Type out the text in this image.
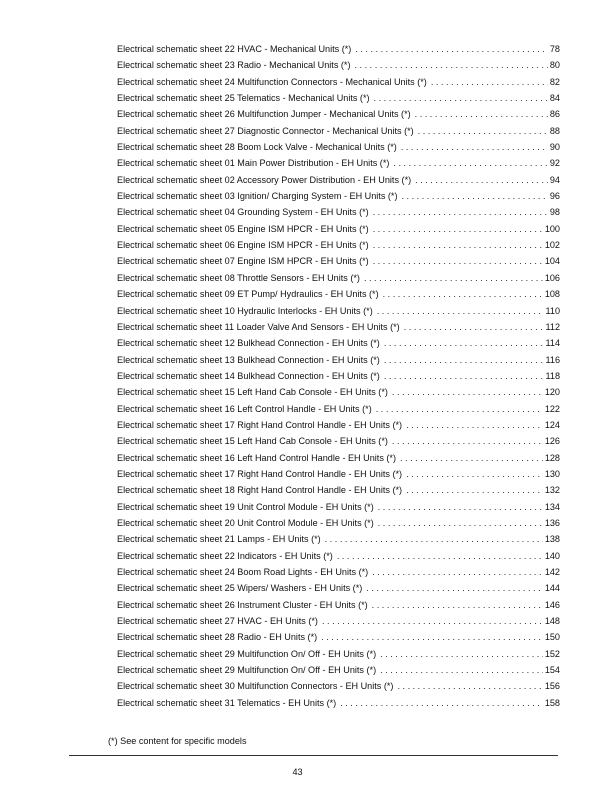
Electrical schematic sheet 22 HVAC - Mechanical Units (*) . . .	78
Electrical schematic sheet 23 Radio - Mechanical Units (*) . . .	80
Electrical schematic sheet 24 Multifunction Connectors - Mechanical Units (*) . . .	82
Electrical schematic sheet 25 Telematics - Mechanical Units (*) . . .	84
Electrical schematic sheet 26 Multifunction Jumper - Mechanical Units (*) . . .	86
Electrical schematic sheet 27 Diagnostic Connector - Mechanical Units (*) . . .	88
Electrical schematic sheet 28 Boom Lock Valve - Mechanical Units (*) . . .	90
Electrical schematic sheet 01 Main Power Distribution - EH Units (*) . . .	92
Electrical schematic sheet 02 Accessory Power Distribution - EH Units (*) . . .	94
Electrical schematic sheet 03 Ignition/ Charging System - EH Units (*) . . .	96
Electrical schematic sheet 04 Grounding System - EH Units (*) . . .	98
Electrical schematic sheet 05 Engine ISM HPCR - EH Units (*) . . .	100
Electrical schematic sheet 06 Engine ISM HPCR - EH Units (*) . . .	102
Electrical schematic sheet 07 Engine ISM HPCR - EH Units (*) . . .	104
Electrical schematic sheet 08 Throttle Sensors - EH Units (*) . . .	106
Electrical schematic sheet 09 ET Pump/ Hydraulics - EH Units (*) . . .	108
Electrical schematic sheet 10 Hydraulic Interlocks - EH Units (*) . . .	110
Electrical schematic sheet 11 Loader Valve And Sensors - EH Units (*) . . .	112
Electrical schematic sheet 12 Bulkhead Connection - EH Units (*) . . .	114
Electrical schematic sheet 13 Bulkhead Connection - EH Units (*) . . .	116
Electrical schematic sheet 14 Bulkhead Connection - EH Units (*) . . .	118
Electrical schematic sheet 15 Left Hand Cab Console - EH Units (*) . . .	120
Electrical schematic sheet 16 Left Control Handle - EH Units (*) . . .	122
Electrical schematic sheet 17 Right Hand Control Handle - EH Units (*) . . .	124
Electrical schematic sheet 15 Left Hand Cab Console - EH Units (*) . . .	126
Electrical schematic sheet 16 Left Hand Control Handle - EH Units (*) . . .	128
Electrical schematic sheet 17 Right Hand Control Handle - EH Units (*) . . .	130
Electrical schematic sheet 18 Right Hand Control Handle - EH Units (*) . . .	132
Electrical schematic sheet 19 Unit Control Module - EH Units (*) . . .	134
Electrical schematic sheet 20 Unit Control Module - EH Units (*) . . .	136
Electrical schematic sheet 21 Lamps - EH Units (*) . . .	138
Electrical schematic sheet 22 Indicators - EH Units (*) . . .	140
Electrical schematic sheet 24 Boom Road Lights - EH Units (*) . . .	142
Electrical schematic sheet 25 Wipers/ Washers - EH Units (*) . . .	144
Electrical schematic sheet 26 Instrument Cluster - EH Units (*) . . .	146
Electrical schematic sheet 27 HVAC - EH Units (*) . . .	148
Electrical schematic sheet 28 Radio - EH Units (*) . . .	150
Electrical schematic sheet 29 Multifunction On/ Off - EH Units (*) . . .	152
Electrical schematic sheet 29 Multifunction On/ Off - EH Units (*) . . .	154
Electrical schematic sheet 30 Multifunction Connectors - EH Units (*) . . .	156
Electrical schematic sheet 31 Telematics - EH Units (*) . . .	158
(*) See content for specific models
43
